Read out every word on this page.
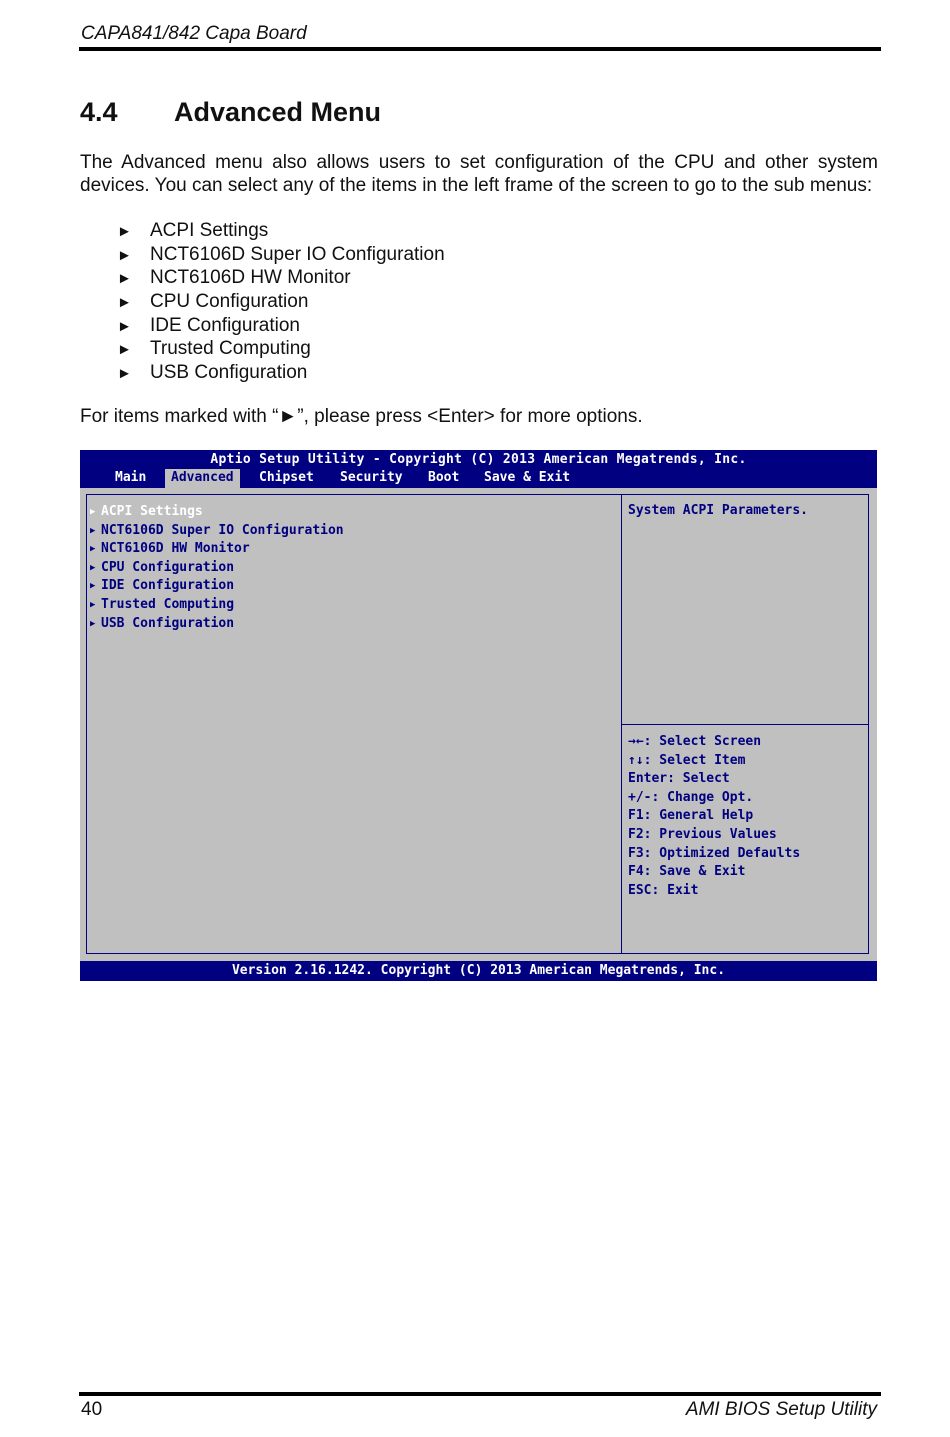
CAPA841/842 Capa Board
4.4 Advanced Menu
The Advanced menu also allows users to set configuration of the CPU and other system devices. You can select any of the items in the left frame of the screen to go to the sub menus:
► ACPI Settings
► NCT6106D Super IO Configuration
► NCT6106D HW Monitor
► CPU Configuration
► IDE Configuration
► Trusted Computing
► USB Configuration
For items marked with “►”, please press <Enter> for more options.
Aptio Setup Utility - Copyright (C) 2013 American Megatrends, Inc.
Main	Advanced	Chipset	Security	Boot	Save & Exit
▶ ACPI Settings
▶ NCT6106D Super IO Configuration
▶ NCT6106D HW Monitor
▶ CPU Configuration
▶ IDE Configuration
▶ Trusted Computing
▶ USB Configuration
System ACPI Parameters.
→←: Select Screen
↑↓: Select Item
Enter: Select
+/-: Change Opt.
F1: General Help
F2: Previous Values
F3: Optimized Defaults
F4: Save & Exit
ESC: Exit
Version 2.16.1242. Copyright (C) 2013 American Megatrends, Inc.
40	AMI BIOS Setup Utility
